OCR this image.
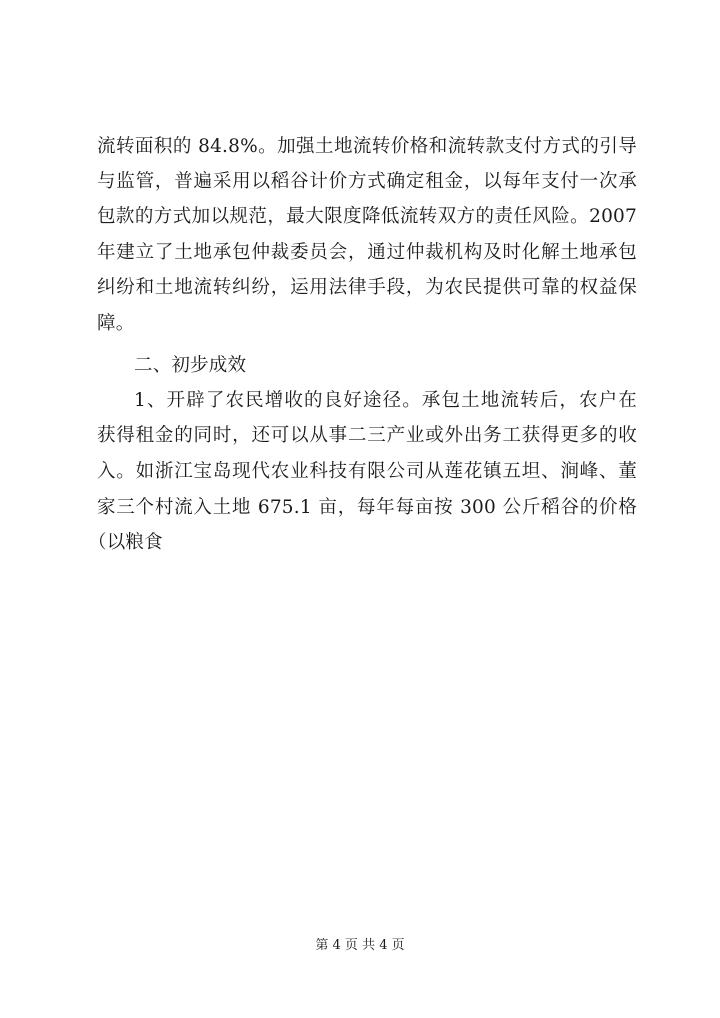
流转面积的 84.8%。加强土地流转价格和流转款支付方式的引导
与监管，普遍采用以稻谷计价方式确定租金，以每年支付一次承
包款的方式加以规范，最大限度降低流转双方的责任风险。2007
年建立了土地承包仲裁委员会，通过仲裁机构及时化解土地承包
纠纷和土地流转纠纷，运用法律手段，为农民提供可靠的权益保
障。
二、初步成效
1、开辟了农民增收的良好途径。承包土地流转后，农户在
获得租金的同时，还可以从事二三产业或外出务工获得更多的收
入。如浙江宝岛现代农业科技有限公司从莲花镇五坦、涧峰、董
家三个村流入土地 675.1 亩，每年每亩按 300 公斤稻谷的价格
（以粮食
第 4 页 共 4 页
